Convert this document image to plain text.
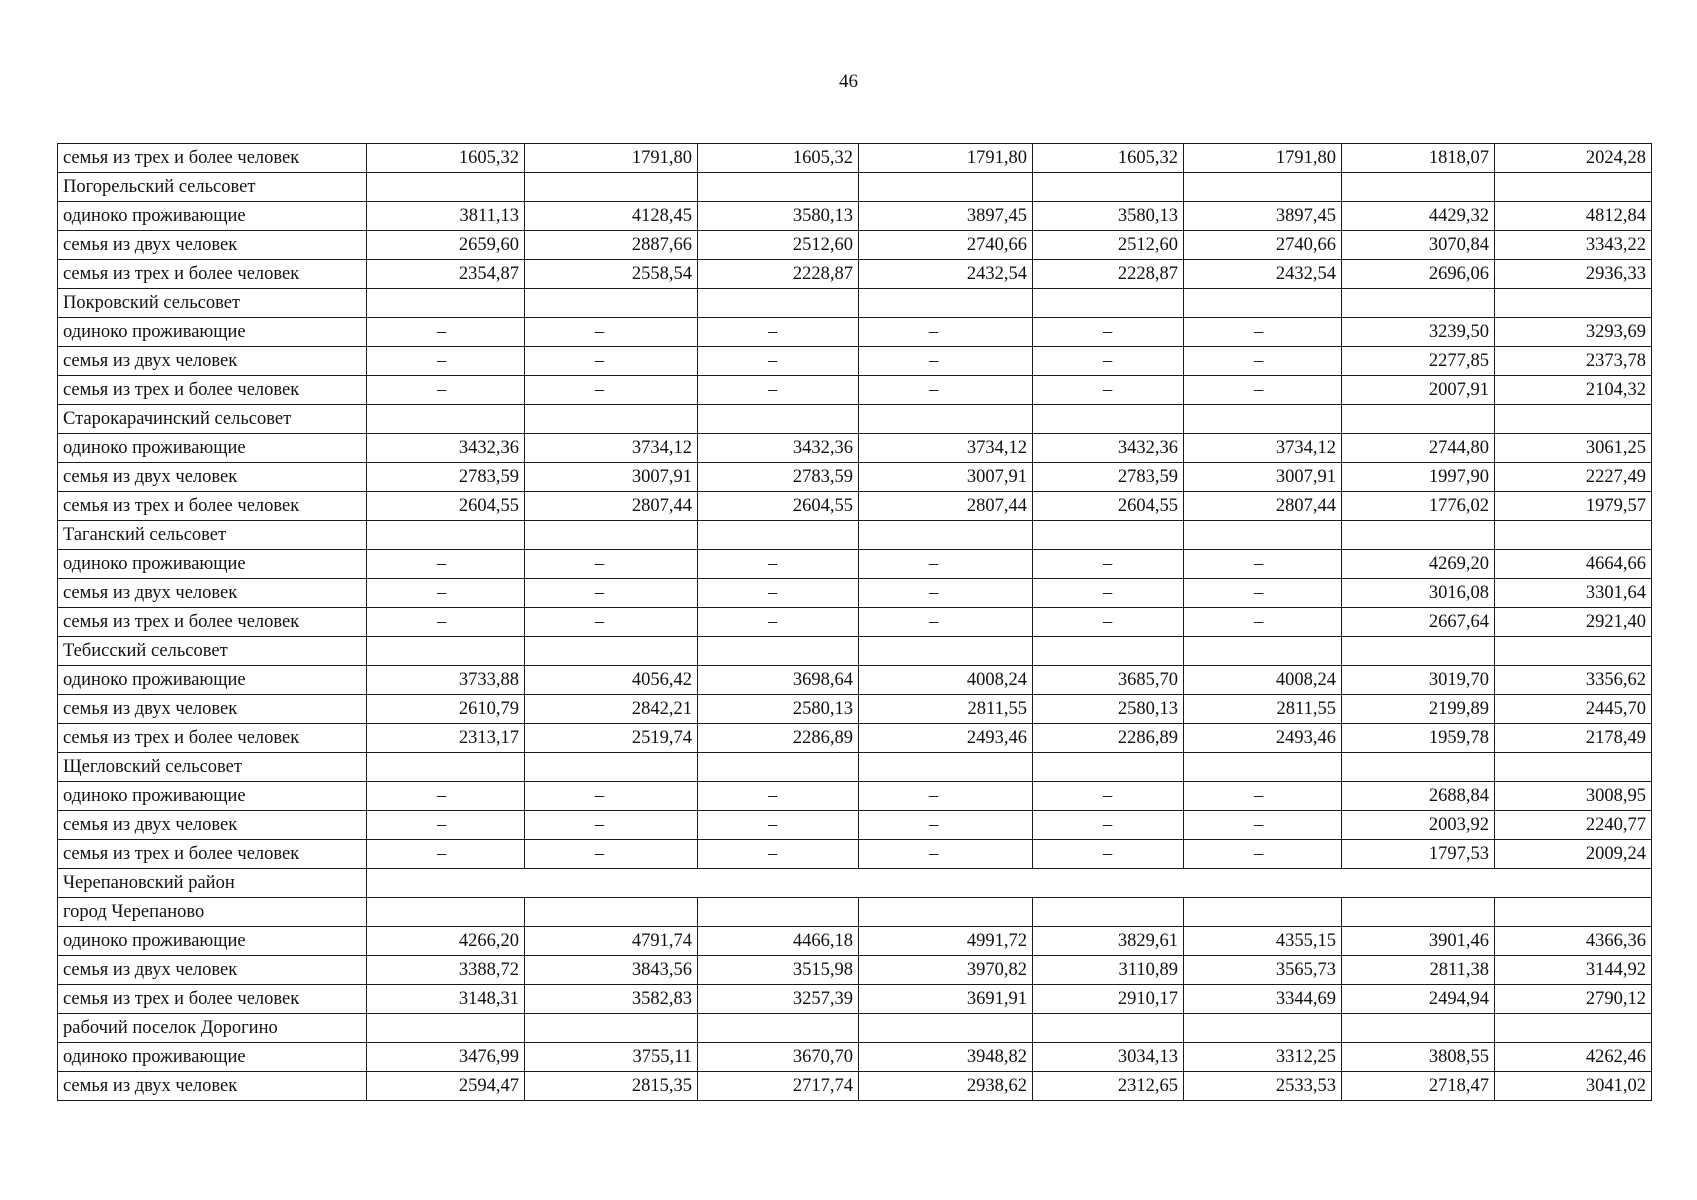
46
семья из трех и более человек	1605,32	1791,80	1605,32	1791,80	1605,32	1791,80	1818,07	2024,28
Погорельский сельсовет								
одиноко проживающие	3811,13	4128,45	3580,13	3897,45	3580,13	3897,45	4429,32	4812,84
семья из двух человек	2659,60	2887,66	2512,60	2740,66	2512,60	2740,66	3070,84	3343,22
семья из трех и более человек	2354,87	2558,54	2228,87	2432,54	2228,87	2432,54	2696,06	2936,33
Покровский сельсовет								
одиноко проживающие	–	–	–	–	–	–	3239,50	3293,69
семья из двух человек	–	–	–	–	–	–	2277,85	2373,78
семья из трех и более человек	–	–	–	–	–	–	2007,91	2104,32
Старокарачинский сельсовет								
одиноко проживающие	3432,36	3734,12	3432,36	3734,12	3432,36	3734,12	2744,80	3061,25
семья из двух человек	2783,59	3007,91	2783,59	3007,91	2783,59	3007,91	1997,90	2227,49
семья из трех и более человек	2604,55	2807,44	2604,55	2807,44	2604,55	2807,44	1776,02	1979,57
Таганский сельсовет								
одиноко проживающие	–	–	–	–	–	–	4269,20	4664,66
семья из двух человек	–	–	–	–	–	–	3016,08	3301,64
семья из трех и более человек	–	–	–	–	–	–	2667,64	2921,40
Тебисский сельсовет								
одиноко проживающие	3733,88	4056,42	3698,64	4008,24	3685,70	4008,24	3019,70	3356,62
семья из двух человек	2610,79	2842,21	2580,13	2811,55	2580,13	2811,55	2199,89	2445,70
семья из трех и более человек	2313,17	2519,74	2286,89	2493,46	2286,89	2493,46	1959,78	2178,49
Щегловский сельсовет								
одиноко проживающие	–	–	–	–	–	–	2688,84	3008,95
семья из двух человек	–	–	–	–	–	–	2003,92	2240,77
семья из трех и более человек	–	–	–	–	–	–	1797,53	2009,24
Черепановский район								
город Черепаново								
одиноко проживающие	4266,20	4791,74	4466,18	4991,72	3829,61	4355,15	3901,46	4366,36
семья из двух человек	3388,72	3843,56	3515,98	3970,82	3110,89	3565,73	2811,38	3144,92
семья из трех и более человек	3148,31	3582,83	3257,39	3691,91	2910,17	3344,69	2494,94	2790,12
рабочий поселок Дорогино								
одиноко проживающие	3476,99	3755,11	3670,70	3948,82	3034,13	3312,25	3808,55	4262,46
семья из двух человек	2594,47	2815,35	2717,74	2938,62	2312,65	2533,53	2718,47	3041,02
